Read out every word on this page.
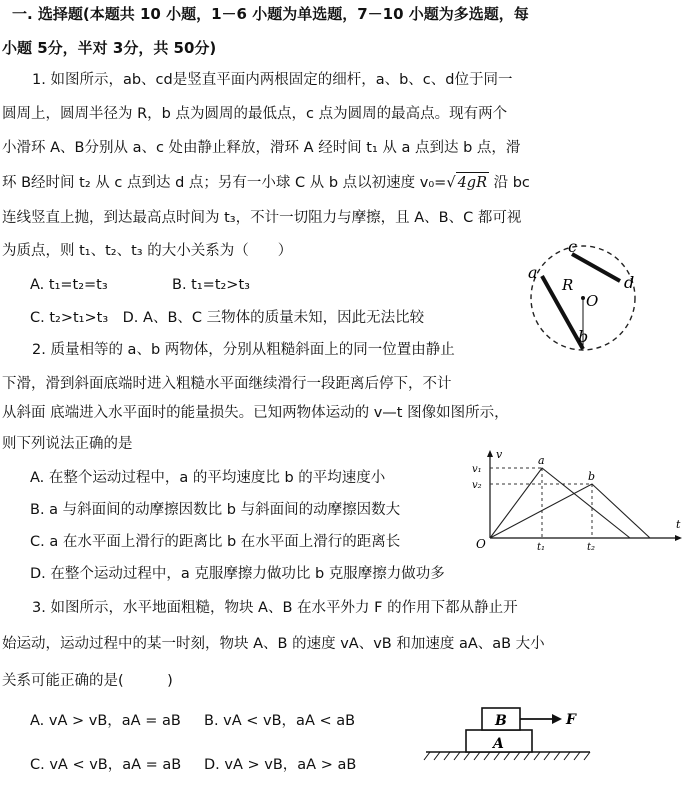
一. 选择题(本题共 10 小题，1－6 小题为单选题，7－10 小题为多选题，每
小题 5分，半对 3分，共 50分)
1. 如图所示，ab、cd是竖直平面内两根固定的细杆，a、b、c、d位于同一
圆周上，圆周半径为 R，b 点为圆周的最低点，c 点为圆周的最高点。现有两个
小滑环 A、B分别从 a、c 处由静止释放，滑环 A 经时间 t₁ 从 a 点到达 b 点，滑
环 B经时间 t₂ 从 c 点到达 d 点；另有一小球 C 从 b 点以初速度 v₀=√ 4gR 沿 bc
连线竖直上抛，到达最高点时间为 t₃，不计一切阻力与摩擦，且 A、B、C 都可视
为质点，则 t₁、t₂、t₃ 的大小关系为（　　）
A. t₁=t₂=t₃	B. t₁=t₂>t₃
C. t₂>t₁>t₃　D. A、B、C 三物体的质量未知，因此无法比较
a
c
d
b
R
O
2. 质量相等的 a、b 两物体，分别从粗糙斜面上的同一位置由静止
下滑，滑到斜面底端时进入粗糙水平面继续滑行一段距离后停下，不计
从斜面 底端进入水平面时的能量损失。已知两物体运动的 v—t 图像如图所示，
则下列说法正确的是
A. 在整个运动过程中，a 的平均速度比 b 的平均速度小
B. a 与斜面间的动摩擦因数比 b 与斜面间的动摩擦因数大
C. a 在水平面上滑行的距离比 b 在水平面上滑行的距离长
D. 在整个运动过程中，a 克服摩擦力做功比 b 克服摩擦力做功多
v
t
O
v₁
v₂
t₁	t₂
a
b
3. 如图所示，水平地面粗糙，物块 A、B 在水平外力 F 的作用下都从静止开
始运动，运动过程中的某一时刻，物块 A、B 的速度 vA、vB 和加速度 aA、aB 大小
关系可能正确的是(　　　)
A. vA > vB，aA = aB B. vA < vB，aA < aB
C. vA < vB，aA = aB D. vA > vB，aA > aB
B
A
F
